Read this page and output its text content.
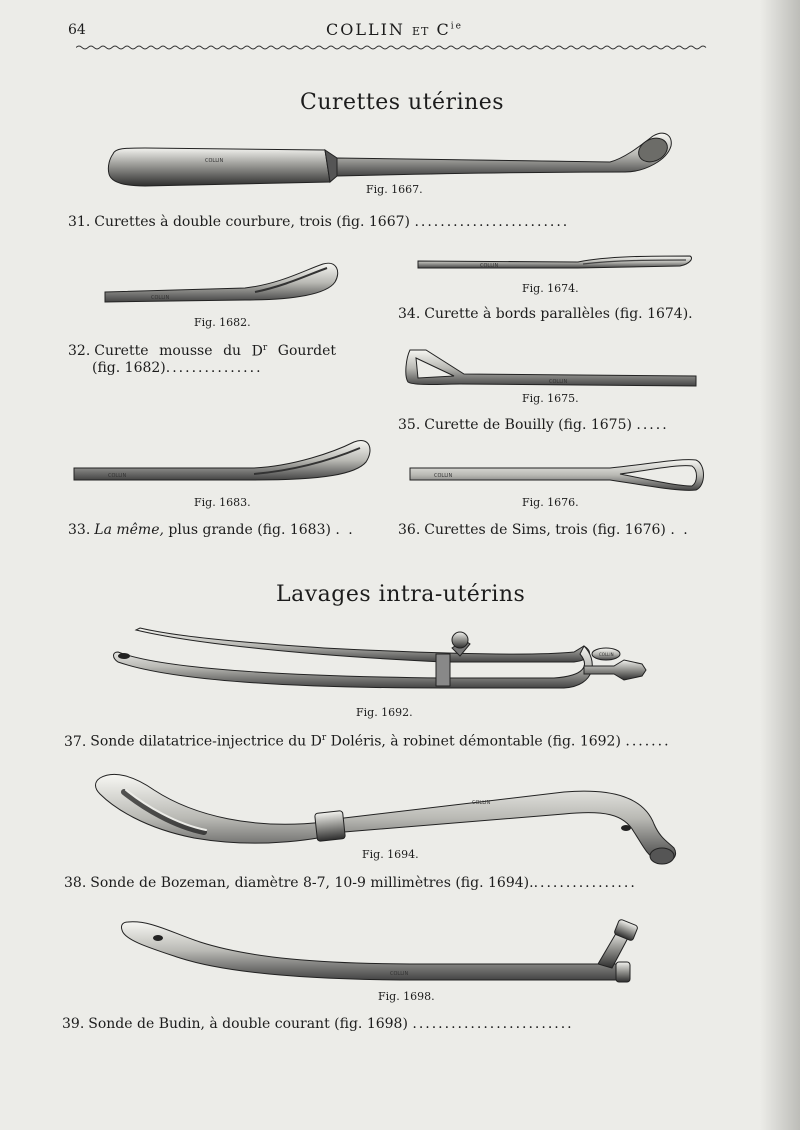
64	COLLIN ET $C^{ie}$
Curettes utérines
COLLIN
Fig. 1667.
31. Curettes à double courbure, trois (fig. 1667) ........................
COLLIN
Fig. 1682.
32. Curette mousse du $D^r$ Gourdet
(fig. 1682)...............
COLLIN
Fig. 1683.
33. La même, plus grande (fig. 1683) . .
COLLIN
Fig. 1674.
34. Curette à bords parallèles (fig. 1674).
COLLIN
Fig. 1675.
35. Curette de Bouilly (fig. 1675) .....
COLLIN
Fig. 1676.
36. Curettes de Sims, trois (fig. 1676) . .
Lavages intra-utérins
COLLIN
Fig. 1692.
37. Sonde dilatatrice-injectrice du $D^r$ Doléris, à robinet démontable (fig. 1692) .......
COLLIN
Fig. 1694.
38. Sonde de Bozeman, diamètre 8-7, 10-9 millimètres (fig. 1694).................
COLLIN
Fig. 1698.
39. Sonde de Budin, à double courant (fig. 1698) .........................
